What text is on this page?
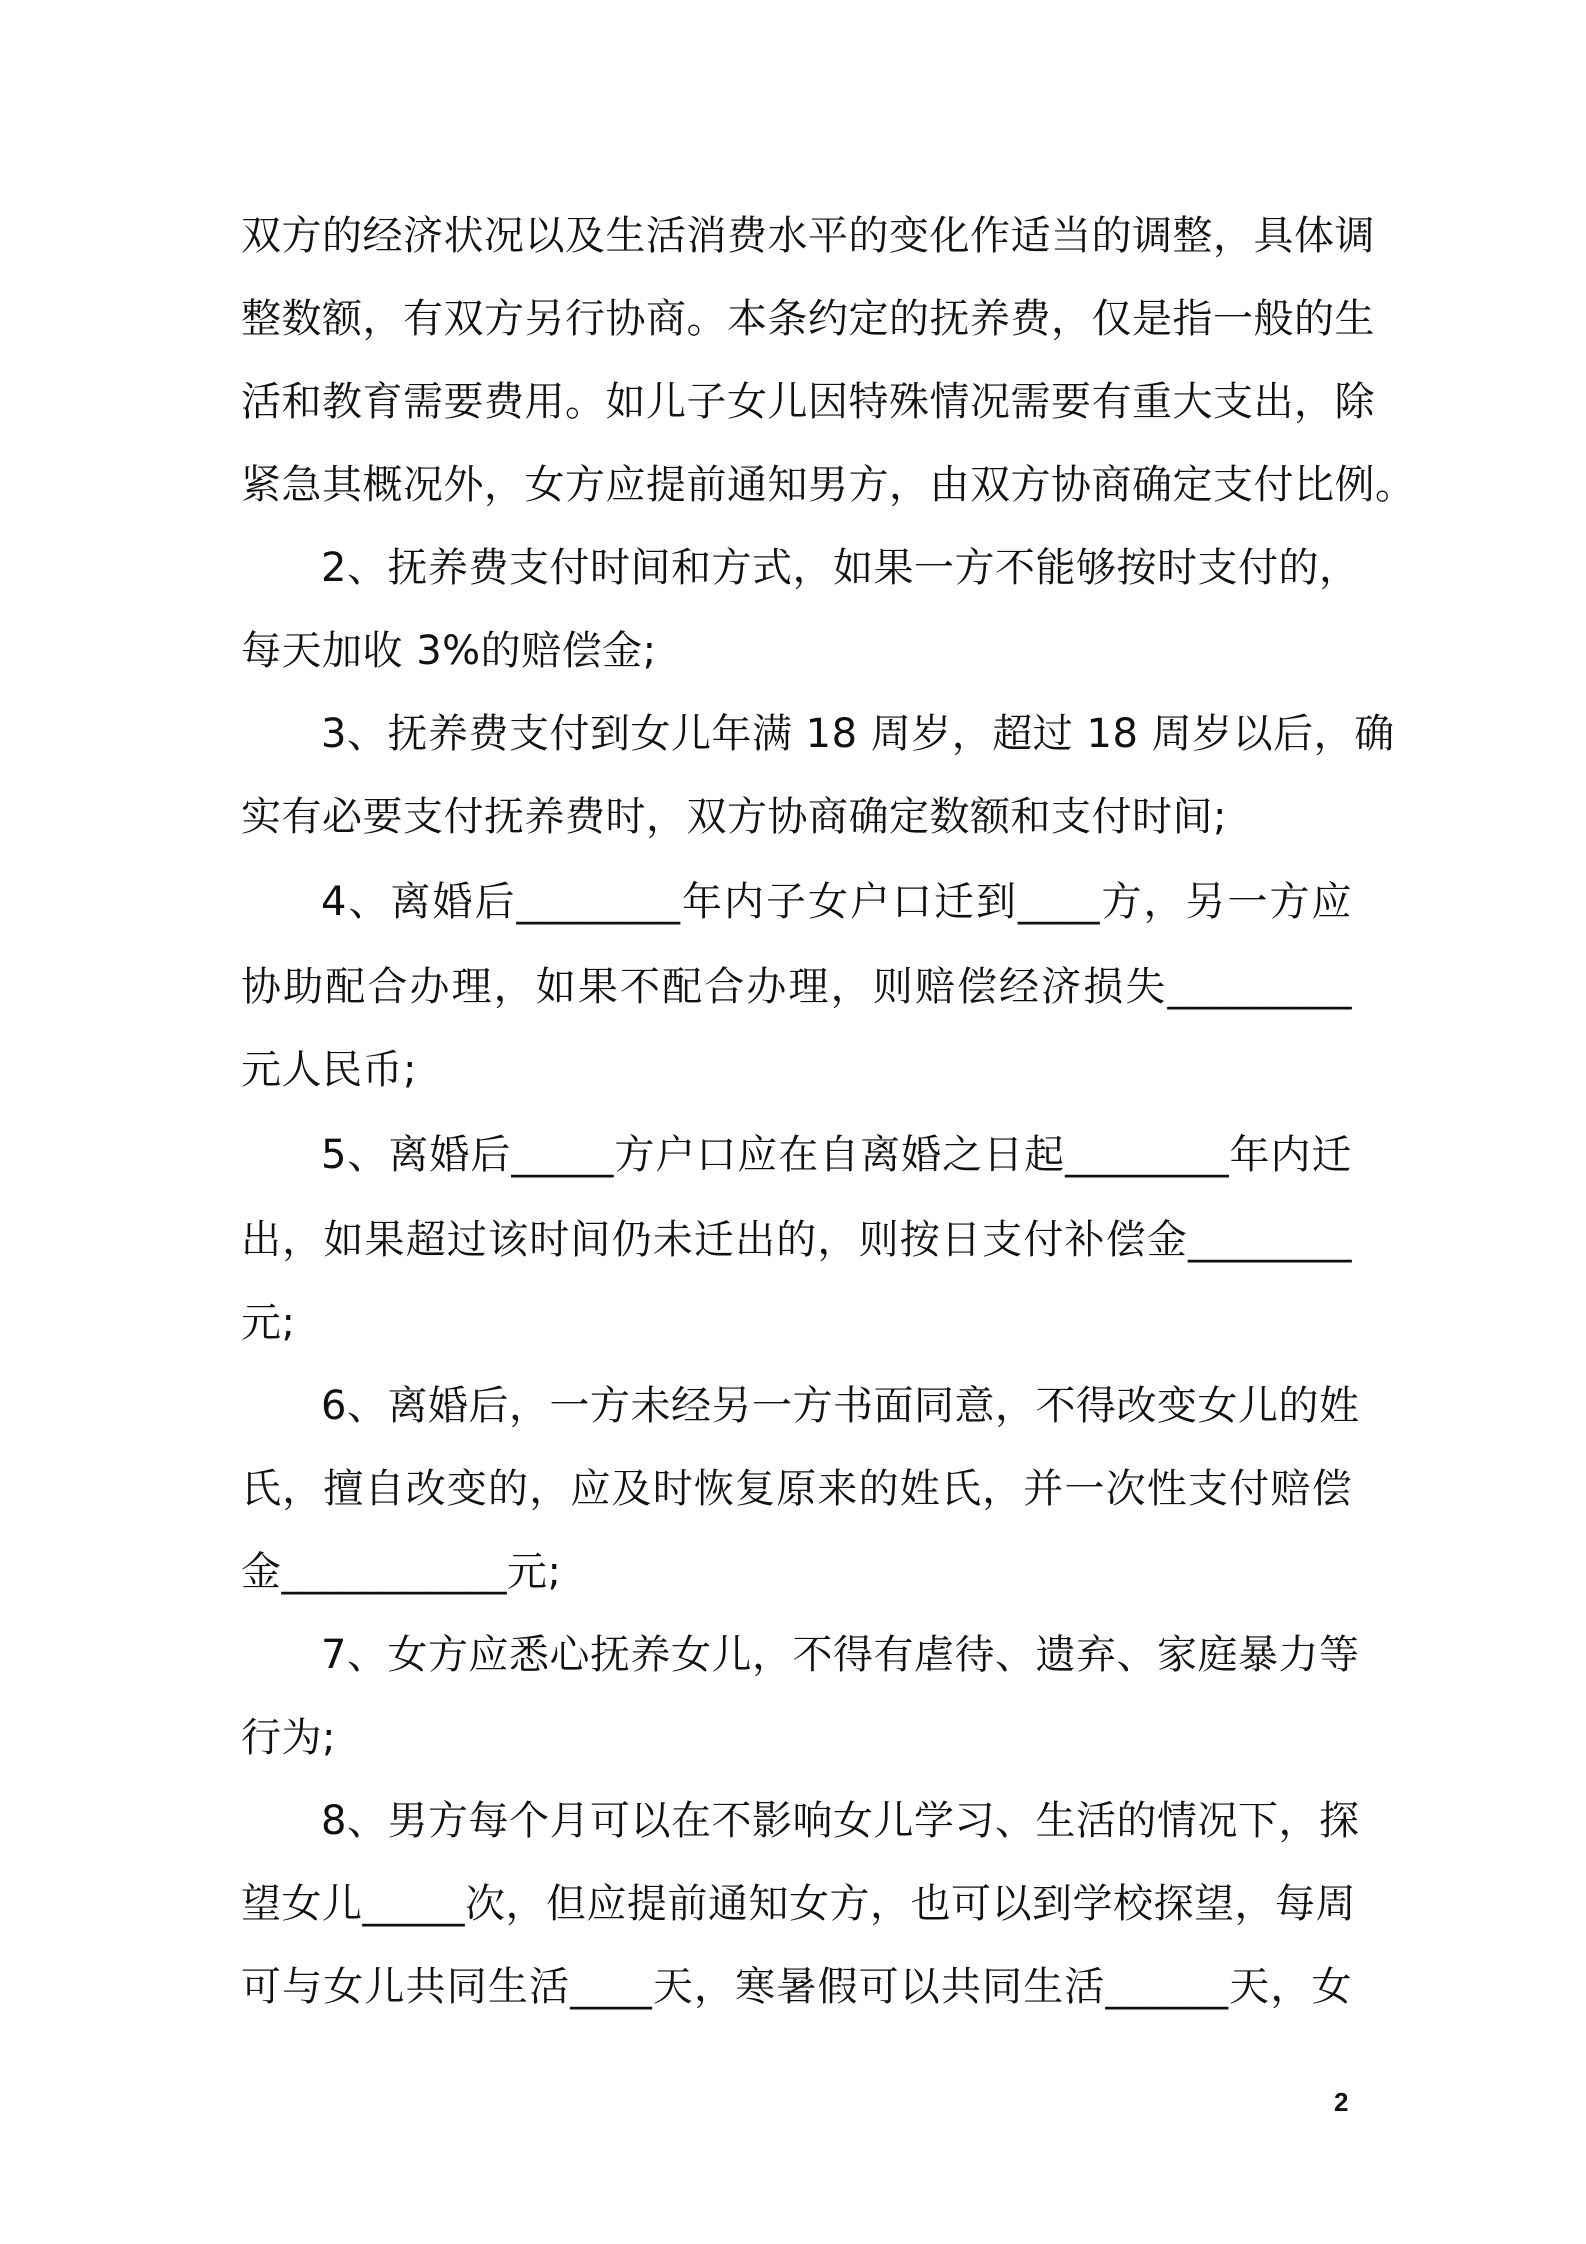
双方的经济状况以及生活消费水平的变化作适当的调整，具体调
整数额，有双方另行协商。本条约定的抚养费，仅是指一般的生
活和教育需要费用。如儿子女儿因特殊情况需要有重大支出，除
紧急其概况外，女方应提前通知男方，由双方协商确定支付比例。
2、抚养费支付时间和方式，如果一方不能够按时支付的，
每天加收 3%的赔偿金;
3、抚养费支付到女儿年满 18 周岁，超过 18 周岁以后，确
实有必要支付抚养费时，双方协商确定数额和支付时间;
4、离婚后________年内子女户口迁到____方，另一方应
协助配合办理，如果不配合办理，则赔偿经济损失_________
元人民币;
5、离婚后_____方户口应在自离婚之日起________年内迁
出，如果超过该时间仍未迁出的，则按日支付补偿金________
元;
6、离婚后，一方未经另一方书面同意，不得改变女儿的姓
氏，擅自改变的，应及时恢复原来的姓氏，并一次性支付赔偿
金___________元;
7、女方应悉心抚养女儿，不得有虐待、遗弃、家庭暴力等
行为;
8、男方每个月可以在不影响女儿学习、生活的情况下，探
望女儿_____次，但应提前通知女方，也可以到学校探望，每周
可与女儿共同生活____天，寒暑假可以共同生活______天，女
2
